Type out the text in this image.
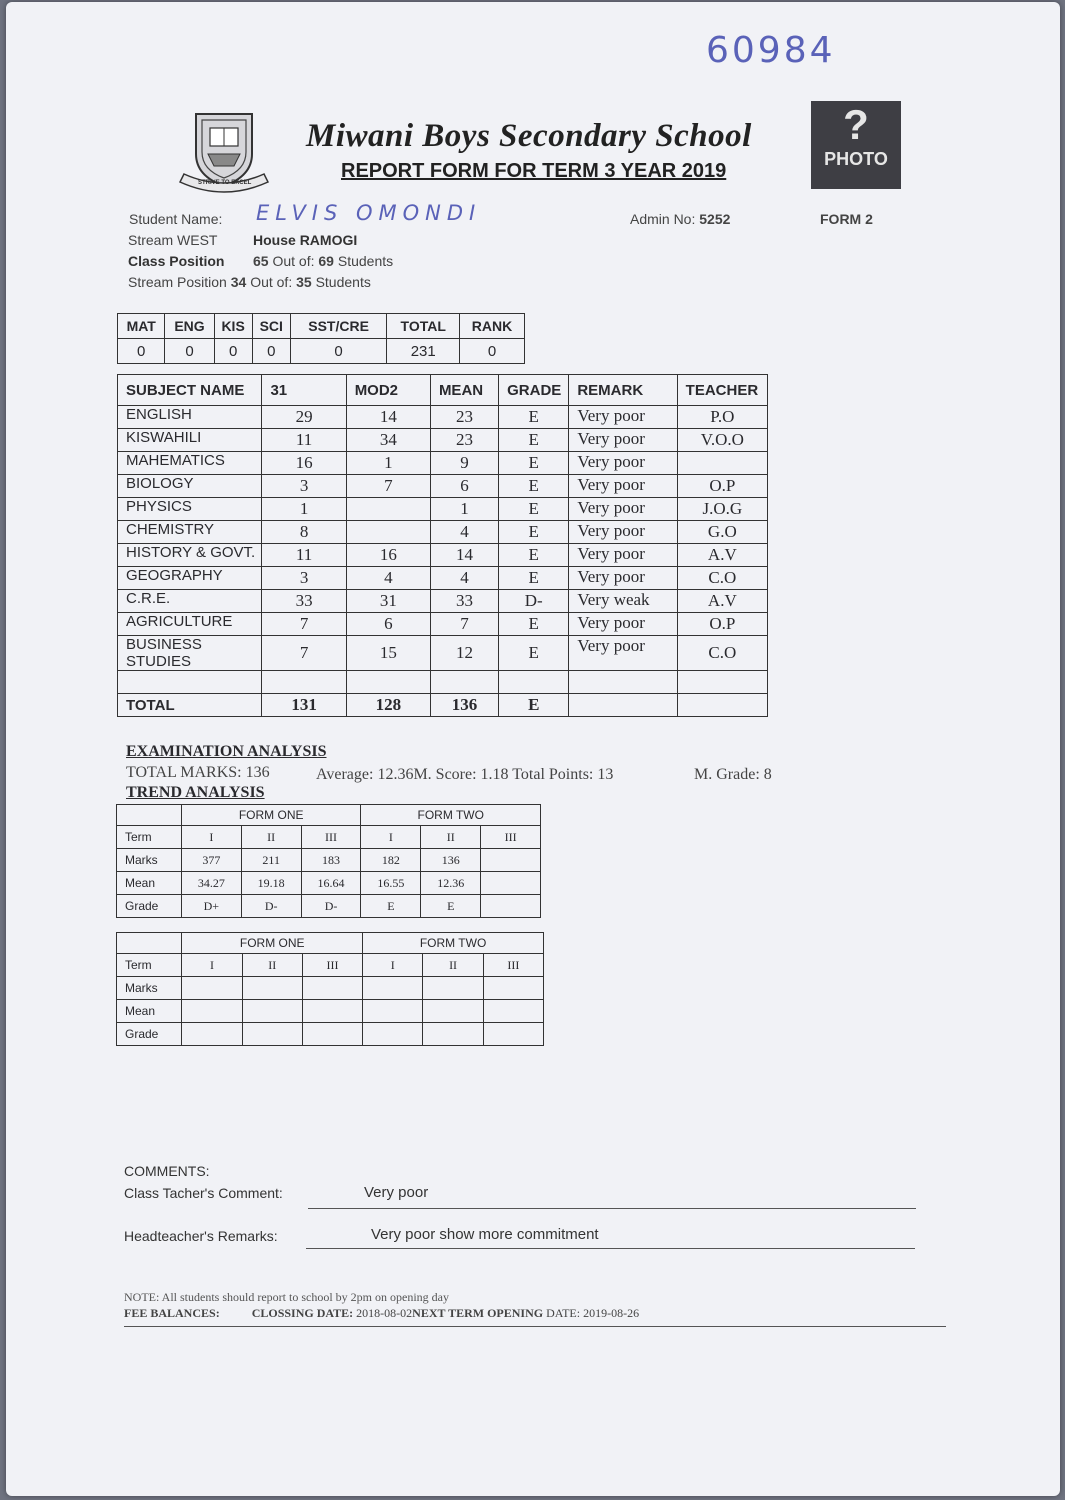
60984
STRIVE TO EXCEL
Miwani Boys Secondary School
REPORT FORM FOR TERM 3 YEAR 2019
?
PHOTO
Student Name: ELVIS OMONDI	Admin No: 5252	FORM 2
Stream WEST	House RAMOGI
Class Position 65 Out of: 69 Students
Stream Position 34 Out of: 35 Students
MAT	ENG	KIS	SCI	SST/CRE	TOTAL	RANK
0	0	0	0	0	231	0
SUBJECT NAME	31	MOD2	MEAN	GRADE	REMARK	TEACHER
ENGLISH	29	14	23	E	Very poor	P.O
KISWAHILI	11	34	23	E	Very poor	V.O.O
MAHEMATICS	16	1	9	E	Very poor	
BIOLOGY	3	7	6	E	Very poor	O.P
PHYSICS	1		1	E	Very poor	J.O.G
CHEMISTRY	8		4	E	Very poor	G.O
HISTORY & GOVT.	11	16	14	E	Very poor	A.V
GEOGRAPHY	3	4	4	E	Very poor	C.O
C.R.E.	33	31	33	D-	Very weak	A.V
AGRICULTURE	7	6	7	E	Very poor	O.P
BUSINESS STUDIES	7	15	12	E	Very poor	C.O

TOTAL	131	128	136	E		
EXAMINATION ANALYSIS
TOTAL MARKS: 136	Average: 12.36M. Score: 1.18 Total Points: 13	M. Grade: 8
TREND ANALYSIS
	FORM ONE			FORM TWO		
Term	I	II	III	I	II	III
Marks	377	211	183	182	136	
Mean	34.27	19.18	16.64	16.55	12.36	
Grade	D+	D-	D-	E	E	
	FORM ONE			FORM TWO		
Term	I	II	III	I	II	III
Marks						
Mean						
Grade						
COMMENTS:
Class Tacher's Comment:	Very poor
Headteacher's Remarks:	Very poor show more commitment
NOTE: All students should report to school by 2pm on opening day
FEE BALANCES:	CLOSSING DATE: 2018-08-02NEXT TERM OPENING DATE: 2019-08-26
